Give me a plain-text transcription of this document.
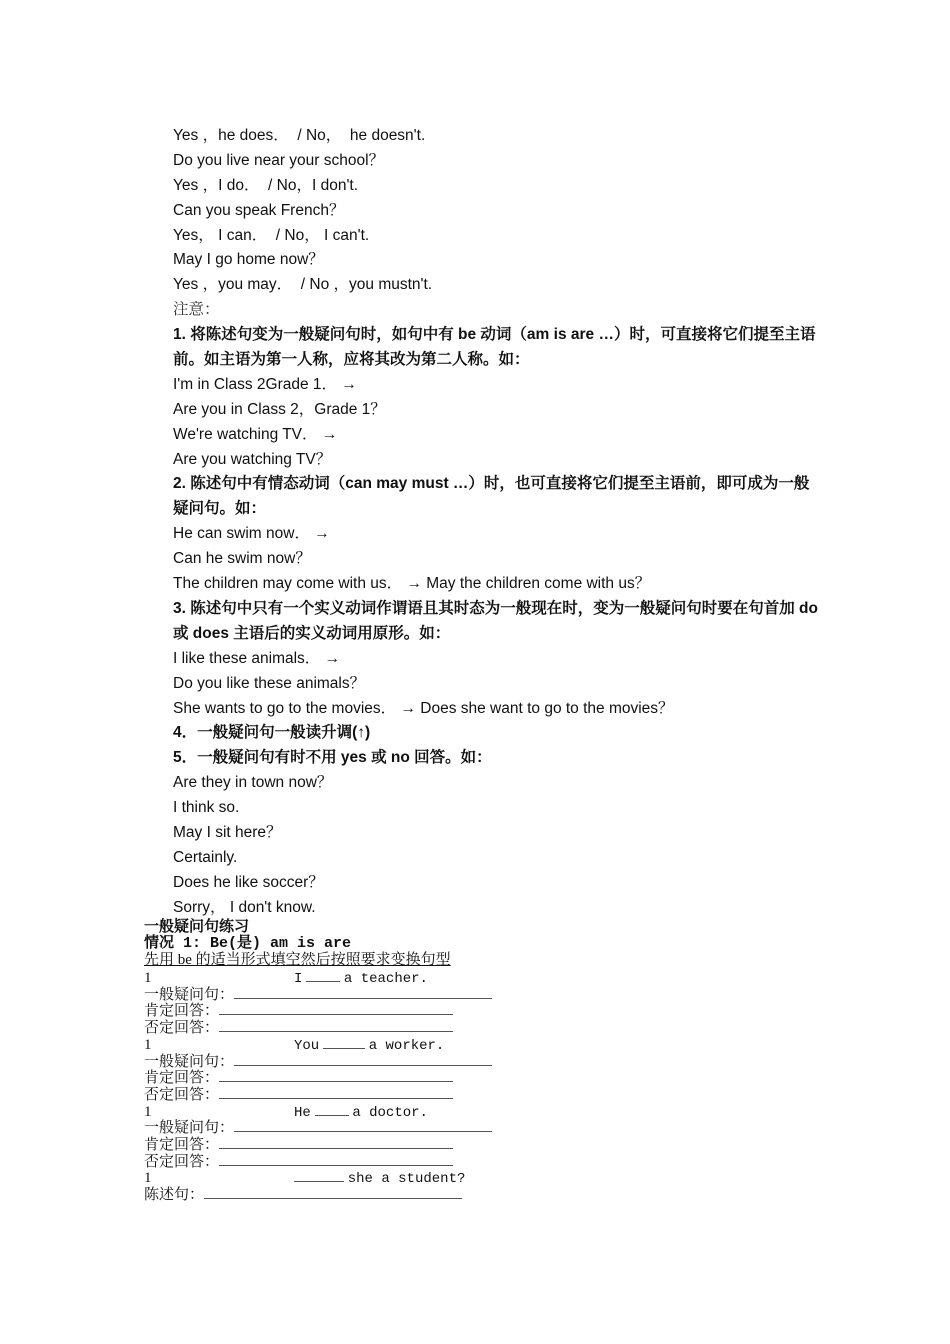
Yes ，he does．  / No，  he doesn't.
Do you live near your school？
Yes ，I do．  / No，I don't.
Can you speak French？
Yes， I can．  / No， I can't.
May I go home now？
Yes ，you may．  / No ，you mustn't.
注意：
1. 将陈述句变为一般疑问句时，如句中有 be 动词（am is are …）时，可直接将它们提至主语前。如主语为第一人称，应将其改为第二人称。如：
I'm in Class 2Grade 1． →
Are you in Class 2，Grade 1？
We're watching TV． →
Are you watching TV？
2. 陈述句中有情态动词（can may must …）时，也可直接将它们提至主语前，即可成为一般疑问句。如：
He can swim now． →
Can he swim now？
The children may come with us． → May the children come with us？
3. 陈述句中只有一个实义动词作谓语且其时态为一般现在时，变为一般疑问句时要在句首加 do 或 does 主语后的实义动词用原形。如：
I like these animals． →
Do you like these animals？
She wants to go to the movies． → Does she want to go to the movies？
4．一般疑问句一般读升调(↑)
5．一般疑问句有时不用 yes 或 no 回答。如：
Are they in town now？
I think so.
May I sit here？
Certainly.
Does he like soccer？
Sorry， I don't know.
一般疑问句练习
情况 1: Be(是) am is are
先用 be 的适当形式填空然后按照要求变换句型
1	I	a teacher.
一般疑问句：
肯定回答：
否定回答：
1	You	a worker.
一般疑问句：
肯定回答：
否定回答：
1	He	a doctor.
一般疑问句：
肯定回答：
否定回答：
1	she a student?
陈述句：
